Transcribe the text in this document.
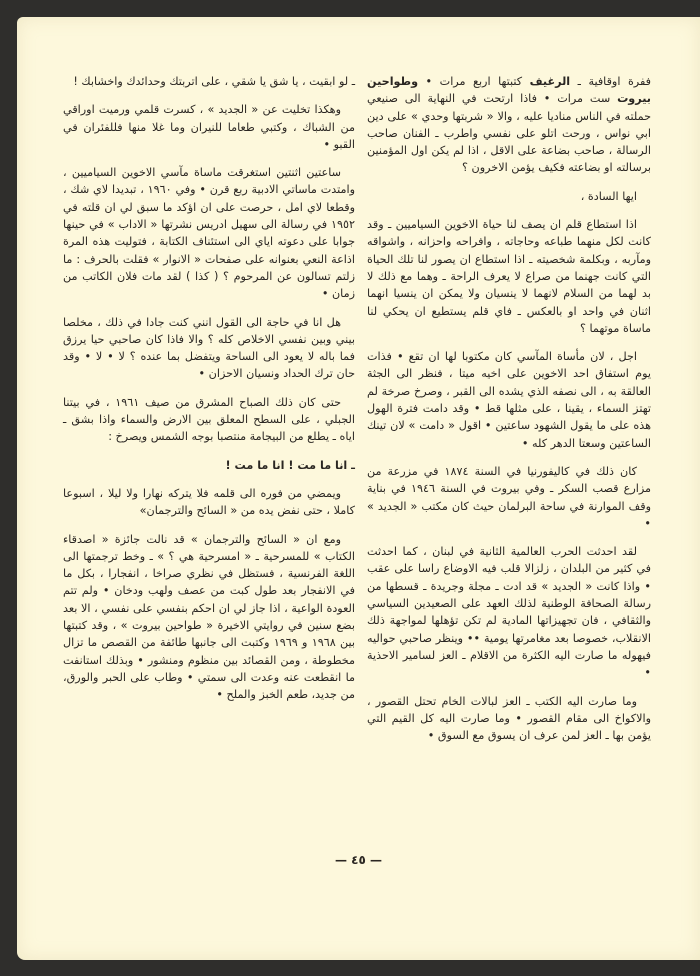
ففرة اوقافية ـ الرغيف كتبتها اربع مرات • وطواحين بيروت ست مرات • فاذا ارتحت في النهاية الى صنيعي حملته في الناس مناديا عليه ، والا « شربتها وحدي » على دين ابي نواس ، ورحت اتلو على نفسي واطرب ـ الفنان صاحب الرسالة ، صاحب بضاعة على الاقل ، اذا لم يكن اول المؤمنين برسالته او بضاعته فكيف يؤمن الاخرون ؟

ايها السادة ،

اذا استطاع قلم ان يصف لنا حياة الاخوين السياميين ـ وقد كانت لكل منهما طباعه وحاجاته ، وافراحه واحزانه ، واشواقه ومآربه ، وبكلمة شخصيته ـ اذا استطاع ان يصور لنا تلك الحياة التي كانت جهنما من صراع لا يعرف الراحة ـ وهما مع ذلك لا بد لهما من السلام لانهما لا ينسيان ولا يمكن ان ينسيا انهما اثنان في واحد او بالعكس ـ فاي قلم يستطيع ان يحكي لنا ماساة موتهما ؟

اجل ، لان مأساة المآسي كان مكتوبا لها ان تقع • فذات يوم استفاق احد الاخوين على اخيه ميتا ، فنظر الى الجثة العالقة به ، الى نصفه الذي يشده الى القبر ، وصرخ صرخة لم تهتز السماء ، يقينا ، على مثلها قط • وقد دامت فترة الهول هذه على ما يقول الشهود ساعتين • اقول « دامت » لان تينك الساعتين وسعتا الدهر كله •

كان ذلك في كاليفورنيا في السنة ١٨٧٤ في مزرعة من مزارع قصب السكر ـ وفي بيروت في السنة ١٩٤٦ في بناية وقف الموارنة في ساحة البرلمان حيث كان مكتب « الجديد » •

لقد احدثت الحرب العالمية الثانية في لبنان ، كما احدثت في كثير من البلدان ، زلزالا قلب فيه الاوضاع راسا على عقب • واذا كانت « الجديد » قد ادت ـ مجلة وجريدة ـ قسطها من رسالة الصحافة الوطنية لذلك العهد على الصعيدين السياسي والثقافي ، فان تجهيزاتها المادية لم تكن تؤهلها لمواجهة ذلك الانقلاب، خصوصا بعد مغامرتها يومية •• وينظر صاحبي حواليه فيهوله ما صارت اليه الكثرة من الاقلام ـ العز لسامير الاحذية •

وما صارت اليه الكتب ـ العز لبالات الخام تحتل القصور ، والاكواخ الى مقام القصور • وما صارت اليه كل القيم التي يؤمن بها ـ العز لمن عرف ان يسوق مع السوق •

ـ لو ابقيت ، يا شق يا شقي ، على اتربتك وحدائدك واخشابك !

وهكذا تخليت عن « الجديد » ، كسرت قلمي ورميت اوراقي من الشباك ، وكتبي طعاما للنيران وما غلا منها فللفئران في القبو •

ساعتين اثنتين استغرقت ماساة مآسي الاخوين السياميين ، وامتدت ماساتي الادبية ربع قرن • وفي ١٩٦٠ ، تبديدا لاي شك ، وقطعا لاي امل ، حرصت على ان اؤكد ما سبق لي ان قلته في ١٩٥٢ في رسالة الى سهيل ادريس نشرتها « الاداب » في حينها جوابا على دعوته اياي الى استئناف الكتابة ، فتوليت هذه المرة اذاعة النعي بعنوانه على صفحات « الانوار » فقلت بالحرف : ما زلتم تسالون عن المرحوم ؟ ( كذا ) لقد مات فلان الكاتب من زمان •

هل انا في حاجة الى القول انني كنت جادا في ذلك ، مخلصا بيني وبين نفسي الاخلاص كله ؟ والا فاذا كان صاحبي حيا يرزق فما باله لا يعود الى الساحة ويتفضل بما عنده ؟ لا • لا • وقد حان ترك الحداد ونسيان الاحزان •

حتى كان ذلك الصباح المشرق من صيف ١٩٦١ ، في بيتنا الجبلي ، على السطح المعلق بين الارض والسماء واذا بشق ـ اياه ـ يطلع من البيجامة منتصبا بوجه الشمس ويصرخ :

ـ انا ما مت ! انا ما مت !

ويمضي من فوره الى قلمه فلا يتركه نهارا ولا ليلا ، اسبوعا كاملا ، حتى نفض يده من « السائح والترجمان»

ومع ان « السائح والترجمان » قد نالت جائزة « اصدقاء الكتاب » للمسرحية ـ « امسرحية هي ؟ » ـ وخط ترجمتها الى اللغة الفرنسية ، فستظل في نظري صراخا ، انفجارا ، بكل ما في الانفجار بعد طول كبت من عصف ولهب ودخان • ولم تتم العودة الواعية ، اذا جاز لي ان احكم بنفسي على نفسي ، الا بعد بضع سنين في روايتي الاخيرة « طواحين بيروت » ، وقد كتبتها بين ١٩٦٨ و ١٩٦٩ وكتبت الى جانبها طائفة من القصص ما تزال مخطوطة ، ومن القصائد بين منظوم ومنشور • وبذلك استانفت ما انقطعت عنه وعدت الى سمتي • وطاب على الحبر والورق، من جديد، طعم الخبز والملح •

— ٤٥ —
